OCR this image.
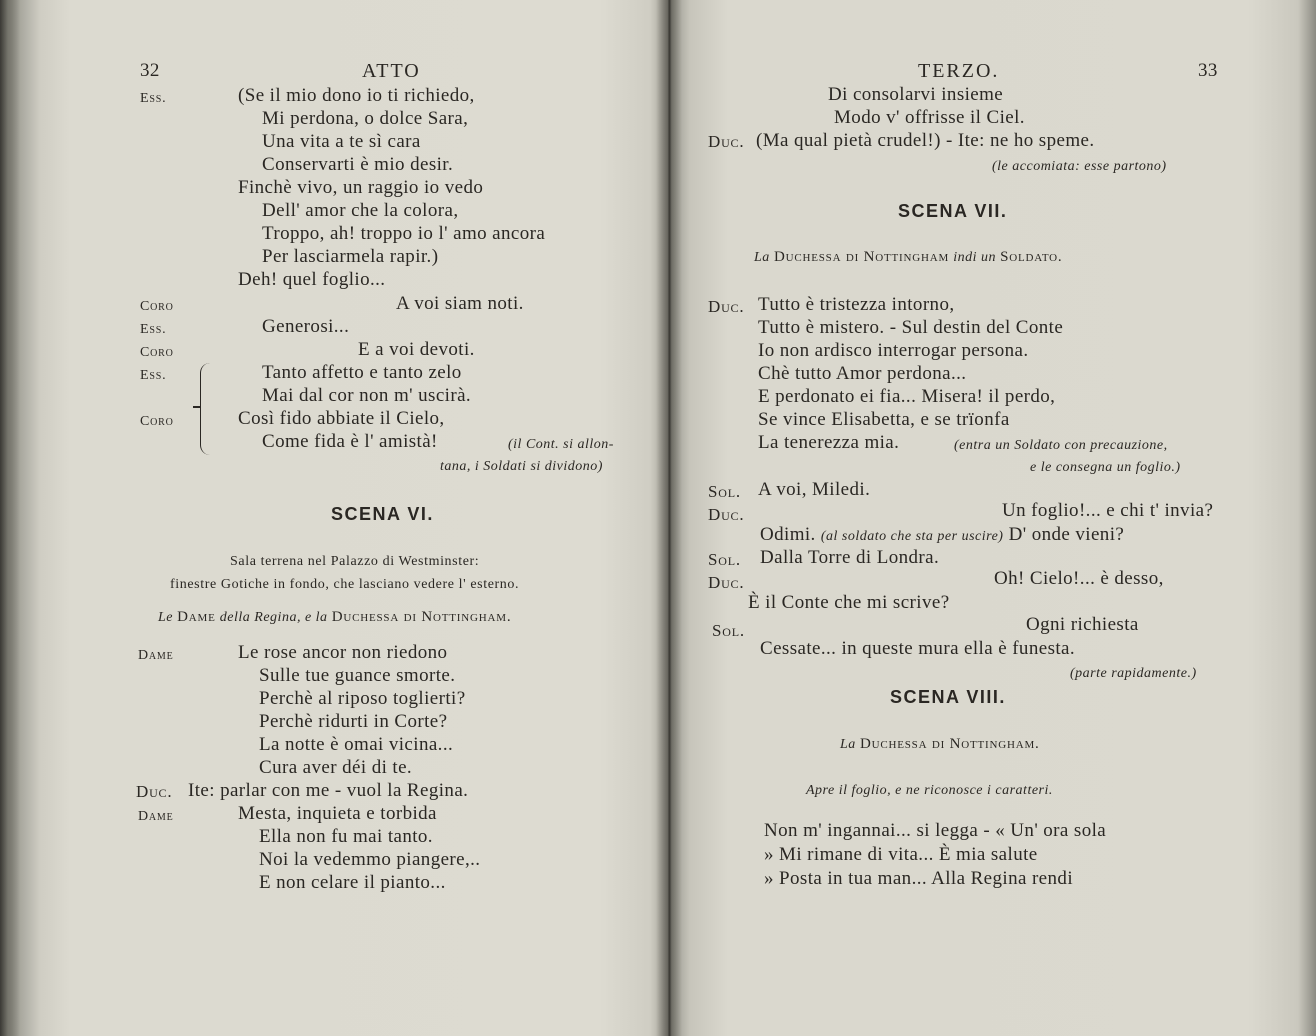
32	ATTO
Ess.	(Se il mio dono io ti richiedo,
Mi perdona, o dolce Sara,
Una vita a te sì cara
Conservarti è mio desir.
Finchè vivo, un raggio io vedo
Dell' amor che la colora,
Troppo, ah! troppo io l' amo ancora
Per lasciarmela rapir.)
Deh! quel foglio...
Coro	A voi siam noti.
Ess.	Generosi...
Coro	E a voi devoti.
Ess.	Tanto affetto e tanto zelo
Mai dal cor non m' uscirà.
Coro	Così fido abbiate il Cielo,
Come fida è l' amistà!	(il Cont. si allon-
tana, i Soldati si dividono)
SCENA VI.
Sala terrena nel Palazzo di Westminster:
finestre Gotiche in fondo, che lasciano vedere l' esterno.
Le Dame della Regina, e la Duchessa di Nottingham.
Dame	Le rose ancor non riedono
Sulle tue guance smorte.
Perchè al riposo toglierti?
Perchè ridurti in Corte?
La notte è omai vicina...
Cura aver déi di te.
Duc. Ite: parlar con me - vuol la Regina.
Dame	Mesta, inquieta e torbida
Ella non fu mai tanto.
Noi la vedemmo piangere,..
E non celare il pianto...
TERZO.	33
Di consolarvi insieme
Modo v' offrisse il Ciel.
Duc. (Ma qual pietà crudel!) - Ite: ne ho speme.
(le accomiata: esse partono)
SCENA VII.
La Duchessa di Nottingham indi un Soldato.
Duc. Tutto è tristezza intorno,
Tutto è mistero. - Sul destin del Conte
Io non ardisco interrogar persona.
Chè tutto Amor perdona...
E perdonato ei fia... Misera! il perdo,
Se vince Elisabetta, e se trïonfa
La tenerezza mia.	(entra un Soldato con precauzione,
e le consegna un foglio.)
Sol. A voi, Miledi.
Duc.	Un foglio!... e chi t' invia?
Odimi. (al soldato che sta per uscire) D' onde vieni?
Sol. Dalla Torre di Londra.
Duc.	Oh! Cielo!... è desso,
È il Conte che mi scrive?
Sol.	Ogni richiesta
Cessate... in queste mura ella è funesta.
(parte rapidamente.)
SCENA VIII.
La Duchessa di Nottingham.
Apre il foglio, e ne riconosce i caratteri.
Non m' ingannai... si legga - « Un' ora sola
» Mi rimane di vita... È mia salute
» Posta in tua man... Alla Regina rendi
